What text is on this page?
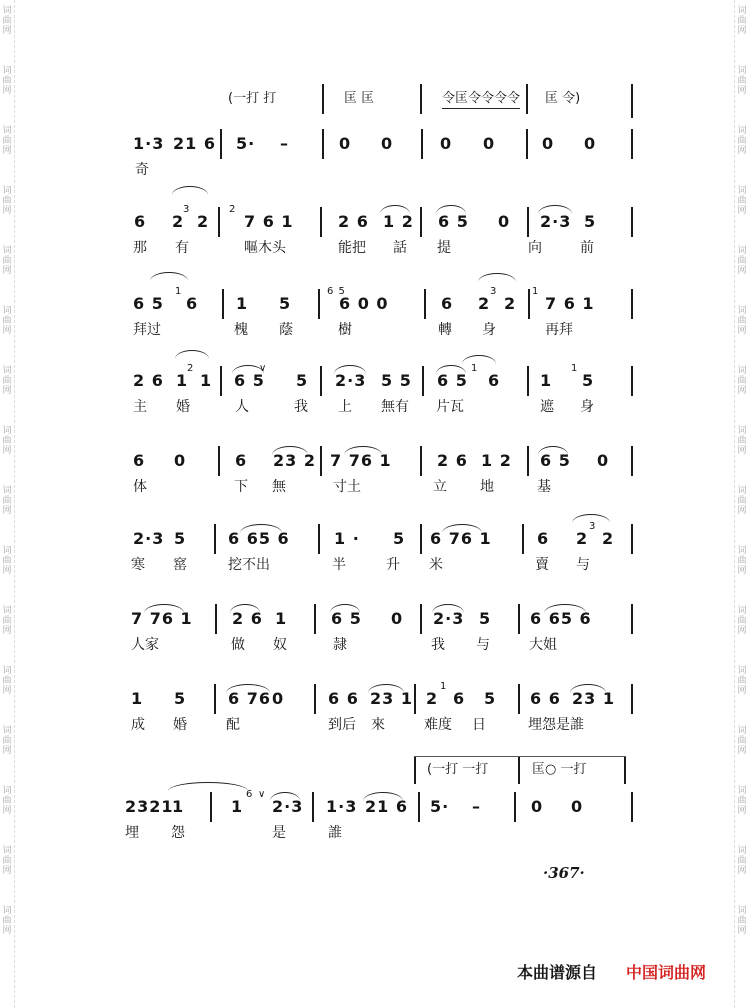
词
曲
网
词
曲
网
词
曲
网
词
曲
网
词
曲
网
词
曲
网
词
曲
网
词
曲
网
词
曲
网
词
曲
网
词
曲
网
词
曲
网
词
曲
网
词
曲
网
词
曲
网
词
曲
网
词
曲
网
词
曲
网
词
曲
网
词
曲
网
词
曲
网
词
曲
网
词
曲
网
词
曲
网
词
曲
网
词
曲
网
词
曲
网
词
曲
网
词
曲
网
词
曲
网
词
曲
网
词
曲
网
(一打 打	匡 匡	令匡令令令令 匡 令)
(一打 一打	匡○ 一打
1·3 21 6 5· –	0 0	0 0	0 0
奇
6 2
3
2
2
7 6 1	2 6 1 2 6 5 0 2·3 5
那 有	嘔木头	能把 話 提	向	前
6 5
1
6 1 5
6 5
6 0 0	6 2
3
2
1
7 6 1
拜过	槐 蔭	樹	轉 身	再拜
2 6 1
2
1 6 5
∨
5 2·3 5 5 6 5
1
6 1
1
5
主 婚	人	我 上 無有 片瓦	遮 身
6 0	6 23 2 7 76 1	2 6 1 2 6 5 0
体	下 無	寸土	立 地	基
2·3 5	6 65 6	1 · 5 6 76 1	6 2
3
2
寒 窰	挖不出	半	升 米	賣 与
7 76 1 2 6 1	6 5 0 2·3 5 6 65 6
人家	做 奴	隷	我 与	大姐
1 5	6 76 0	6 6 23 1 2
1
6 5 6 6 23 1
成 婚	配	到后 來	难度 日	埋怨是誰
2321
1	1
6 ∨
2·3 1·3 21 6 5· –	0 0
埋 怨	是	誰
·367·
本曲谱源自 中国词曲网
